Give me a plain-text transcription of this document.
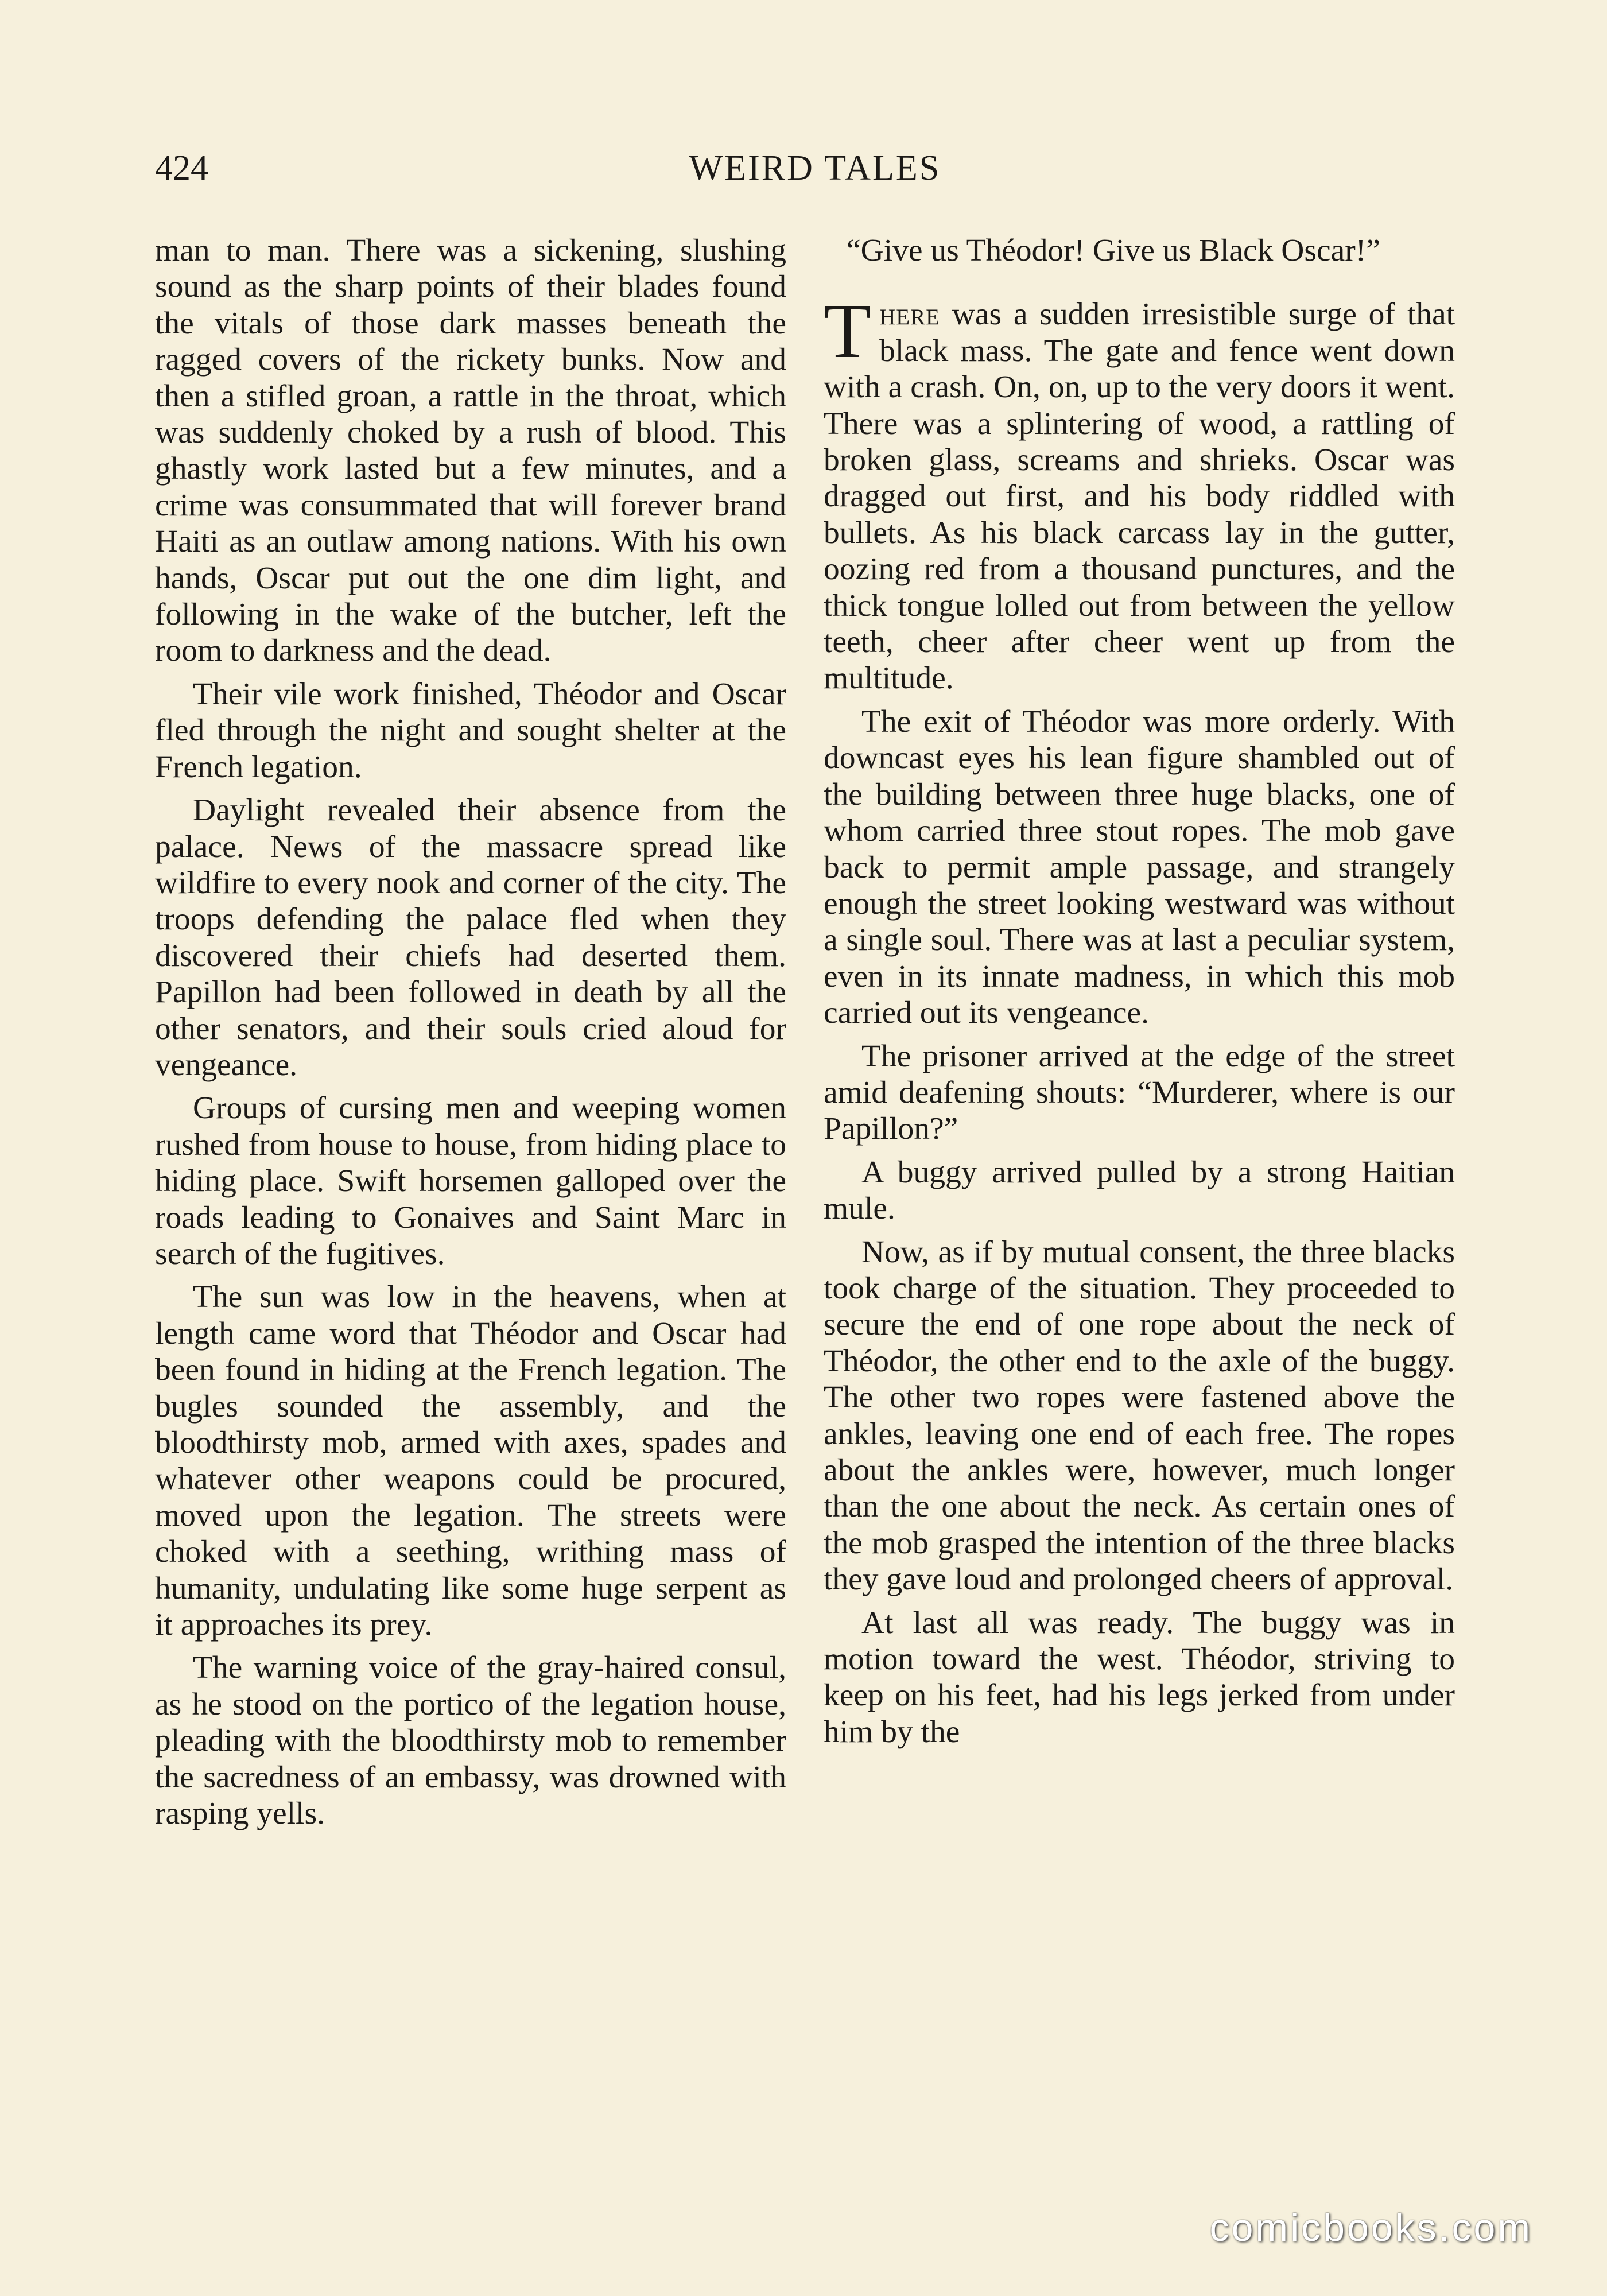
424	WEIRD TALES

man to man. There was a sickening, slushing sound as the sharp points of their blades found the vitals of those dark masses beneath the ragged covers of the rickety bunks. Now and then a stifled groan, a rattle in the throat, which was suddenly choked by a rush of blood. This ghastly work lasted but a few minutes, and a crime was consummated that will forever brand Haiti as an outlaw among nations. With his own hands, Oscar put out the one dim light, and following in the wake of the butcher, left the room to darkness and the dead.

Their vile work finished, Théodor and Oscar fled through the night and sought shelter at the French legation.

Daylight revealed their absence from the palace. News of the massacre spread like wildfire to every nook and corner of the city. The troops defending the palace fled when they discovered their chiefs had deserted them. Papillon had been followed in death by all the other senators, and their souls cried aloud for vengeance.

Groups of cursing men and weeping women rushed from house to house, from hiding place to hiding place. Swift horsemen galloped over the roads leading to Gonaives and Saint Marc in search of the fugitives.

The sun was low in the heavens, when at length came word that Théodor and Oscar had been found in hiding at the French legation. The bugles sounded the assembly, and the bloodthirsty mob, armed with axes, spades and whatever other weapons could be procured, moved upon the legation. The streets were choked with a seething, writhing mass of humanity, undulating like some huge serpent as it approaches its prey.

The warning voice of the gray-haired consul, as he stood on the portico of the legation house, pleading with the bloodthirsty mob to remember the sacredness of an embassy, was drowned with rasping yells.

“Give us Théodor! Give us Black Oscar!”

There was a sudden irresistible surge of that black mass. The gate and fence went down with a crash. On, on, up to the very doors it went. There was a splintering of wood, a rattling of broken glass, screams and shrieks. Oscar was dragged out first, and his body riddled with bullets. As his black carcass lay in the gutter, oozing red from a thousand punctures, and the thick tongue lolled out from between the yellow teeth, cheer after cheer went up from the multitude.

The exit of Théodor was more orderly. With downcast eyes his lean figure shambled out of the building between three huge blacks, one of whom carried three stout ropes. The mob gave back to permit ample passage, and strangely enough the street looking westward was without a single soul. There was at last a peculiar system, even in its innate madness, in which this mob carried out its vengeance.

The prisoner arrived at the edge of the street amid deafening shouts: “Murderer, where is our Papillon?”

A buggy arrived pulled by a strong Haitian mule.

Now, as if by mutual consent, the three blacks took charge of the situation. They proceeded to secure the end of one rope about the neck of Théodor, the other end to the axle of the buggy. The other two ropes were fastened above the ankles, leaving one end of each free. The ropes about the ankles were, however, much longer than the one about the neck. As certain ones of the mob grasped the intention of the three blacks they gave loud and prolonged cheers of approval.

At last all was ready. The buggy was in motion toward the west. Théodor, striving to keep on his feet, had his legs jerked from under him by the

comicbooks.com
